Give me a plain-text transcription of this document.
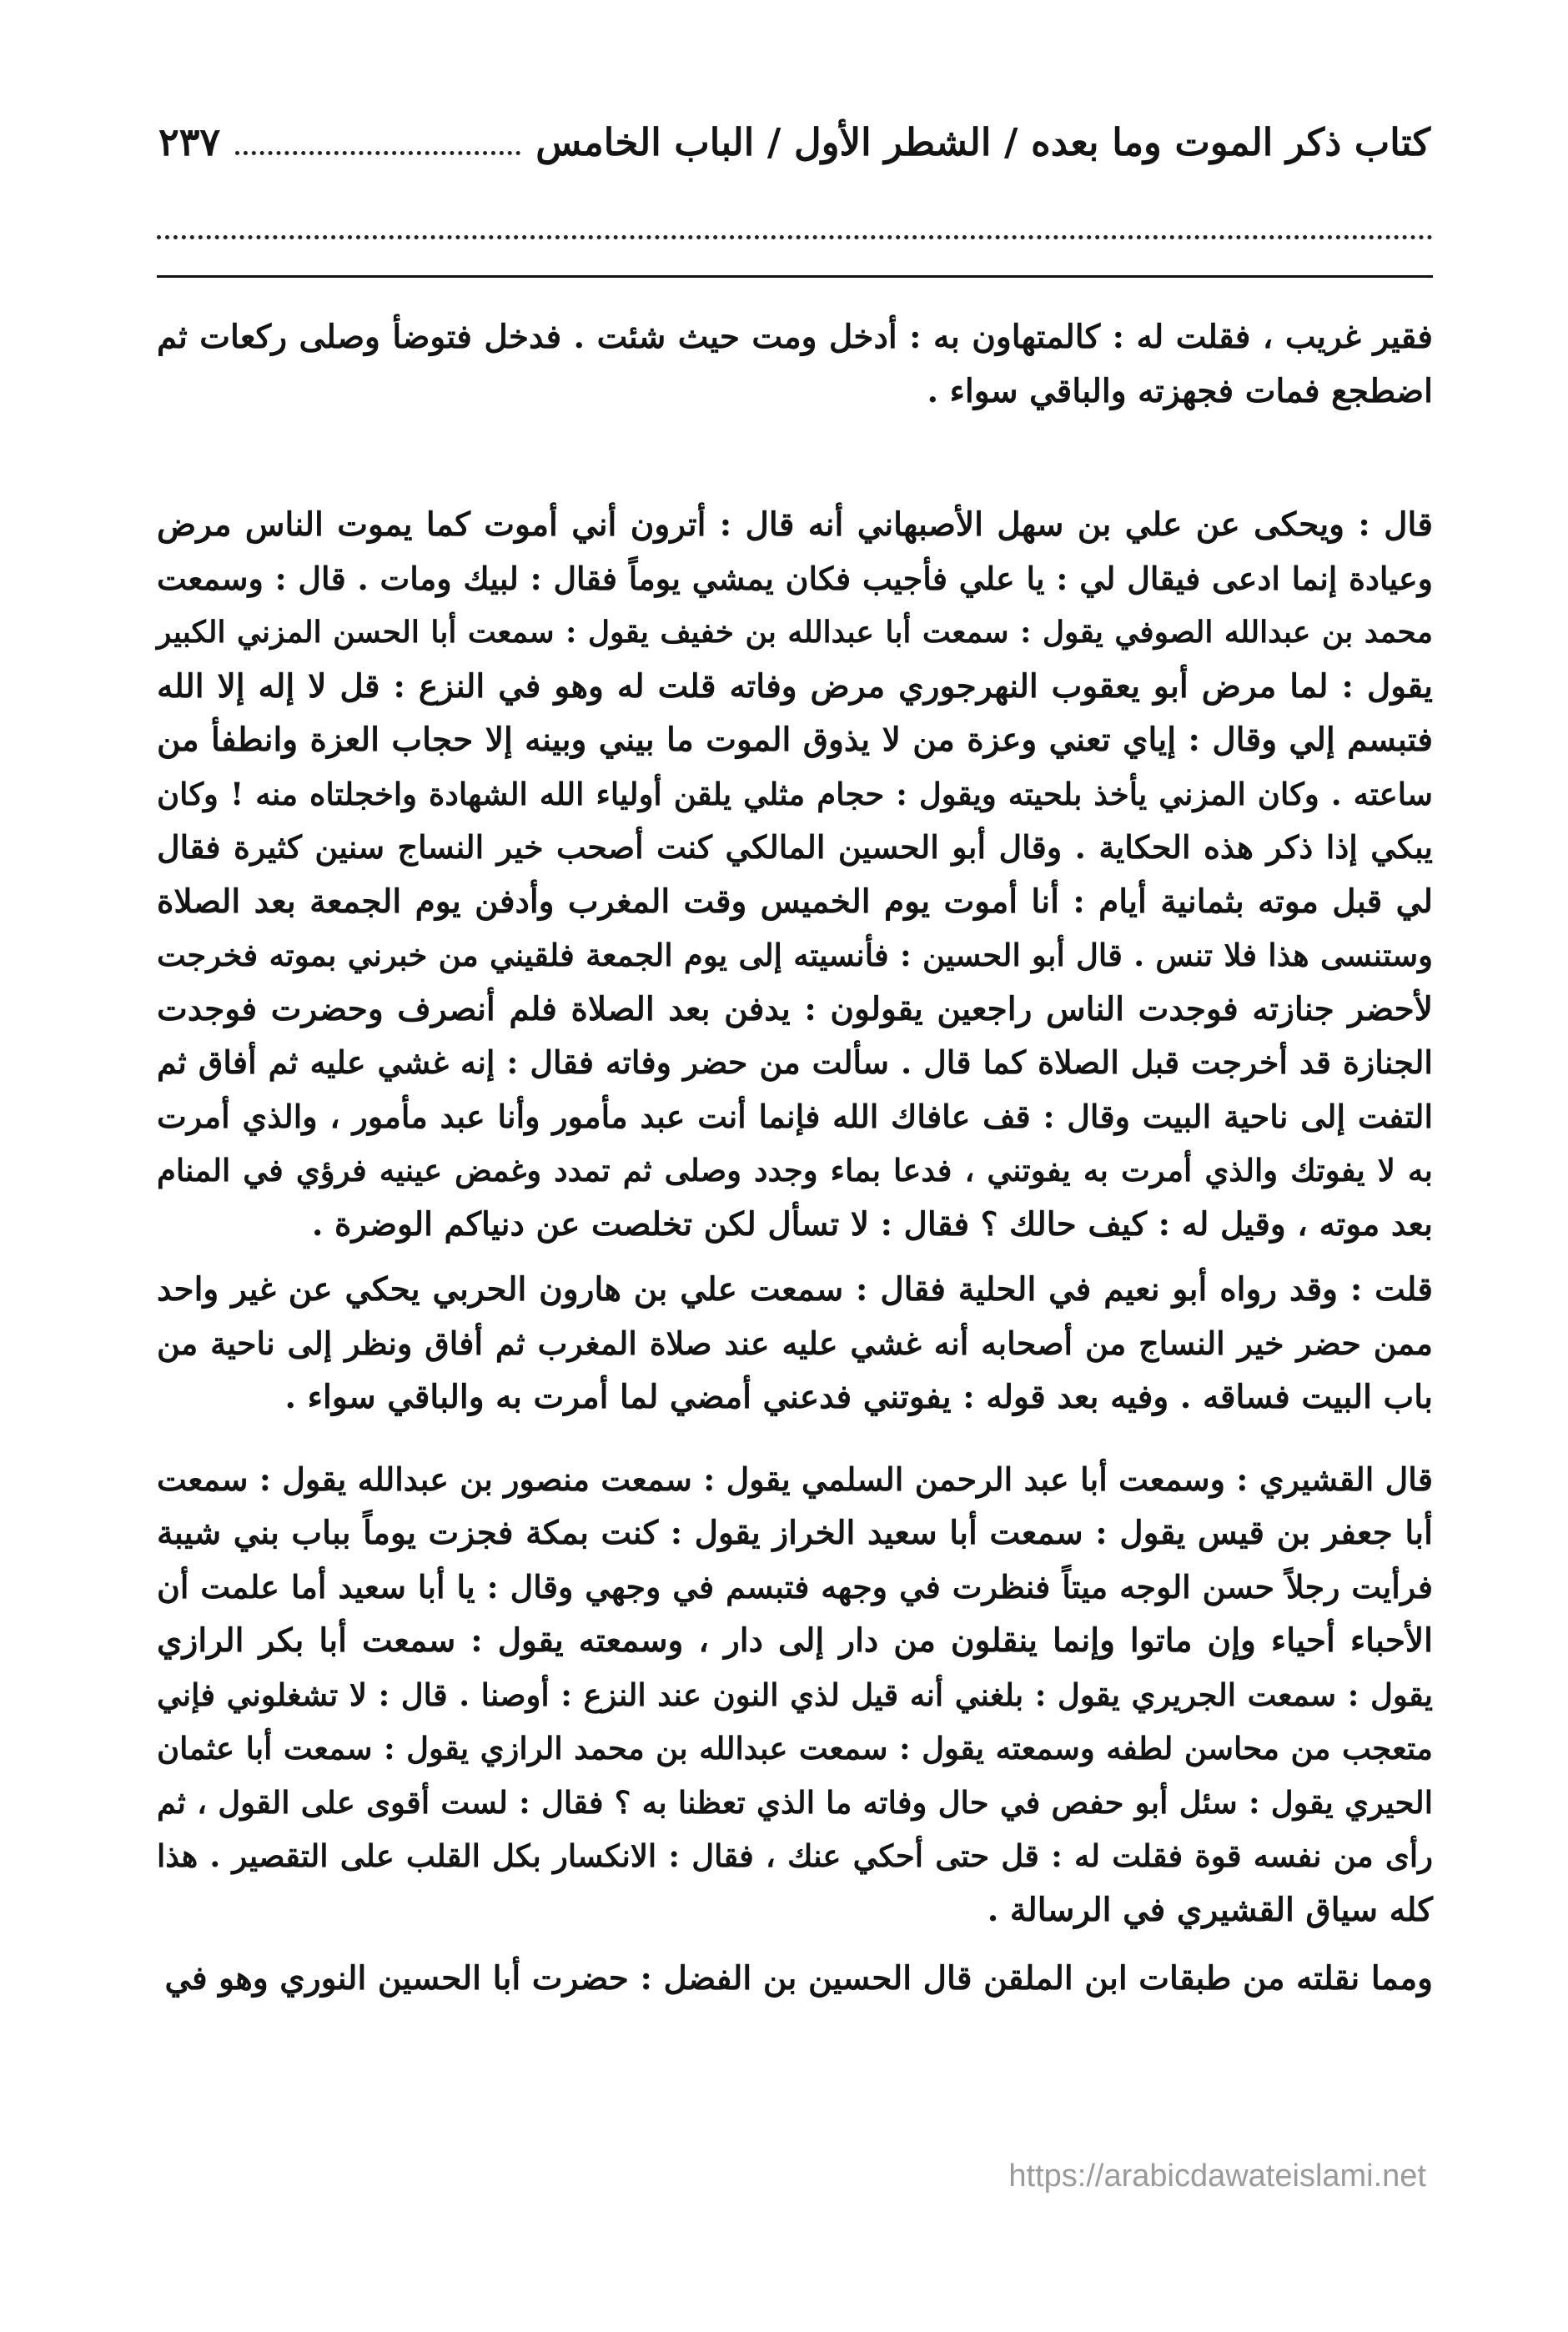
كتاب ذكر الموت وما بعده / الشطر الأول / الباب الخامس
٢٣٧
فقير غريب ، فقلت له : كالمتهاون به : أدخل ومت حيث شئت . فدخل فتوضأ وصلى ركعات ثم
اضطجع فمات فجهزته والباقي سواء .
قال : ويحكى عن علي بن سهل الأصبهاني أنه قال : أترون أني أموت كما يموت الناس مرض
وعيادة إنما ادعى فيقال لي : يا علي فأجيب فكان يمشي يوماً فقال : لبيك ومات . قال : وسمعت
محمد بن عبدالله الصوفي يقول : سمعت أبا عبدالله بن خفيف يقول : سمعت أبا الحسن المزني الكبير
يقول : لما مرض أبو يعقوب النهرجوري مرض وفاته قلت له وهو في النزع : قل لا إله إلا الله
فتبسم إلي وقال : إياي تعني وعزة من لا يذوق الموت ما بيني وبينه إلا حجاب العزة وانطفأ من
ساعته . وكان المزني يأخذ بلحيته ويقول : حجام مثلي يلقن أولياء الله الشهادة واخجلتاه منه ! وكان
يبكي إذا ذكر هذه الحكاية . وقال أبو الحسين المالكي كنت أصحب خير النساج سنين كثيرة فقال
لي قبل موته بثمانية أيام : أنا أموت يوم الخميس وقت المغرب وأدفن يوم الجمعة بعد الصلاة
وستنسى هذا فلا تنس . قال أبو الحسين : فأنسيته إلى يوم الجمعة فلقيني من خبرني بموته فخرجت
لأحضر جنازته فوجدت الناس راجعين يقولون : يدفن بعد الصلاة فلم أنصرف وحضرت فوجدت
الجنازة قد أخرجت قبل الصلاة كما قال . سألت من حضر وفاته فقال : إنه غشي عليه ثم أفاق ثم
التفت إلى ناحية البيت وقال : قف عافاك الله فإنما أنت عبد مأمور وأنا عبد مأمور ، والذي أمرت
به لا يفوتك والذي أمرت به يفوتني ، فدعا بماء وجدد وصلى ثم تمدد وغمض عينيه فرؤي في المنام
بعد موته ، وقيل له : كيف حالك ؟ فقال : لا تسأل لكن تخلصت عن دنياكم الوضرة .
قلت : وقد رواه أبو نعيم في الحلية فقال : سمعت علي بن هارون الحربي يحكي عن غير واحد
ممن حضر خير النساج من أصحابه أنه غشي عليه عند صلاة المغرب ثم أفاق ونظر إلى ناحية من
باب البيت فساقه . وفيه بعد قوله : يفوتني فدعني أمضي لما أمرت به والباقي سواء .
قال القشيري : وسمعت أبا عبد الرحمن السلمي يقول : سمعت منصور بن عبدالله يقول : سمعت
أبا جعفر بن قيس يقول : سمعت أبا سعيد الخراز يقول : كنت بمكة فجزت يوماً بباب بني شيبة
فرأيت رجلاً حسن الوجه ميتاً فنظرت في وجهه فتبسم في وجهي وقال : يا أبا سعيد أما علمت أن
الأحباء أحياء وإن ماتوا وإنما ينقلون من دار إلى دار ، وسمعته يقول : سمعت أبا بكر الرازي
يقول : سمعت الجريري يقول : بلغني أنه قيل لذي النون عند النزع : أوصنا . قال : لا تشغلوني فإني
متعجب من محاسن لطفه وسمعته يقول : سمعت عبدالله بن محمد الرازي يقول : سمعت أبا عثمان
الحيري يقول : سئل أبو حفص في حال وفاته ما الذي تعظنا به ؟ فقال : لست أقوى على القول ، ثم
رأى من نفسه قوة فقلت له : قل حتى أحكي عنك ، فقال : الانكسار بكل القلب على التقصير . هذا
كله سياق القشيري في الرسالة .
ومما نقلته من طبقات ابن الملقن قال الحسين بن الفضل : حضرت أبا الحسين النوري وهو في
https://arabicdawateislami.net
